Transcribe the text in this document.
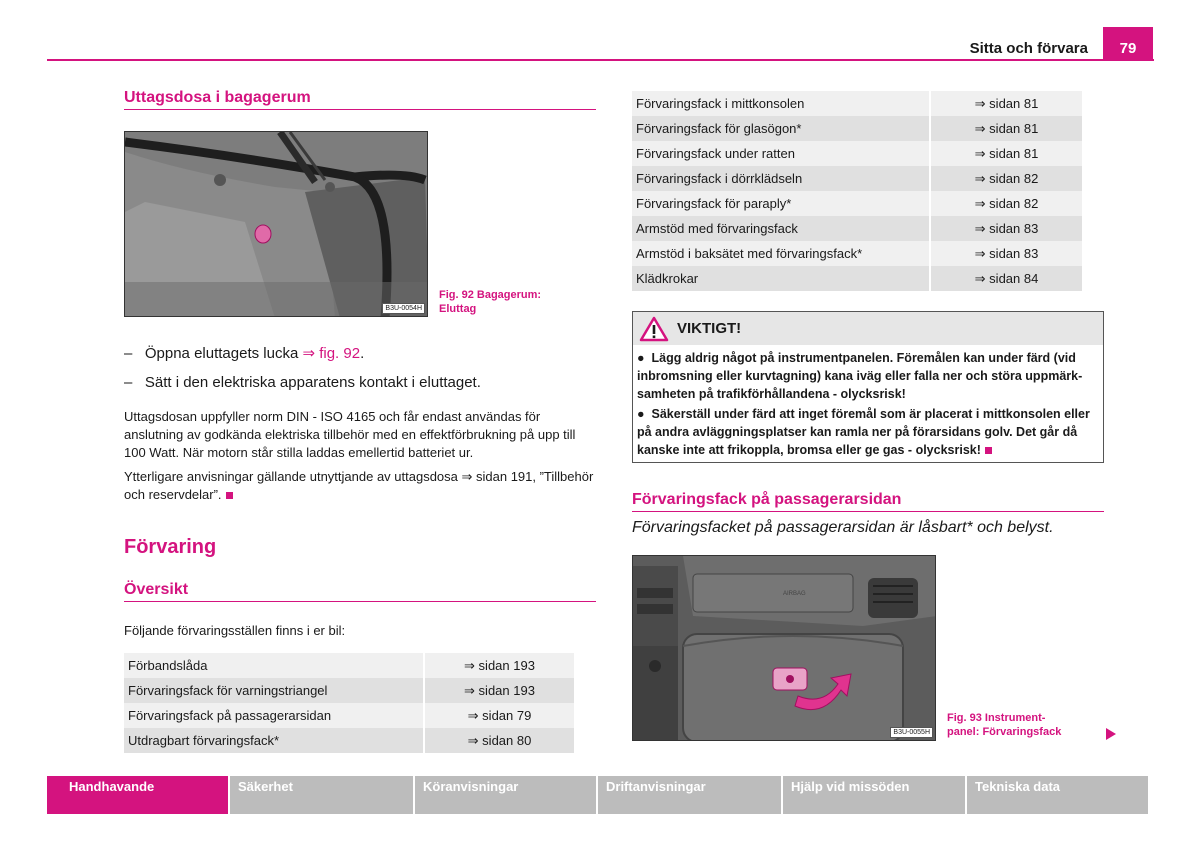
Sitta och förvara	79
Uttagsdosa i bagagerum
B3U-0054H
Fig. 92 Bagagerum:
Eluttag
– Öppna eluttagets lucka ⇒ fig. 92.
– Sätt i den elektriska apparatens kontakt i eluttaget.

Uttagsdosan uppfyller norm DIN - ISO 4165 och får endast användas för anslutning av godkända elektriska tillbehör med en effektförbrukning på upp till 100 Watt. När motorn står stilla laddas emellertid batteriet ur.

Ytterligare anvisningar gällande utnyttjande av uttagsdosa ⇒ sidan 191, ”Tillbehör och reservdelar”.

Förvaring
Översikt

Följande förvaringsställen finns i er bil:

Förbandslåda	⇒ sidan 193
Förvaringsfack för varningstriangel	⇒ sidan 193
Förvaringsfack på passagerarsidan	⇒ sidan 79
Utdragbart förvaringsfack*	⇒ sidan 80
Förvaringsfack i mittkonsolen	⇒ sidan 81
Förvaringsfack för glasögon*	⇒ sidan 81
Förvaringsfack under ratten	⇒ sidan 81
Förvaringsfack i dörrklädseln	⇒ sidan 82
Förvaringsfack för paraply*	⇒ sidan 82
Armstöd med förvaringsfack	⇒ sidan 83
Armstöd i baksätet med förvaringsfack*	⇒ sidan 83
Klädkrokar	⇒ sidan 84
VIKTIGT!
● Lägg aldrig något på instrumentpanelen. Föremålen kan under färd (vid inbromsning eller kurvtagning) kana iväg eller falla ner och störa uppmärk-samheten på trafikförhållandena - olycksrisk!
● Säkerställ under färd att inget föremål som är placerat i mittkonsolen eller på andra avläggningsplatser kan ramla ner på förarsidans golv. Det går då kanske inte att frikoppla, bromsa eller ge gas - olycksrisk!
Förvaringsfack på passagerarsidan
Förvaringsfacket på passagerarsidan är låsbart* och belyst.
AIRBAG
B3U-0055H
Fig. 93 Instrument-
panel: Förvaringsfack
Handhavande	Säkerhet	Köranvisningar	Driftanvisningar	Hjälp vid missöden	Tekniska data
